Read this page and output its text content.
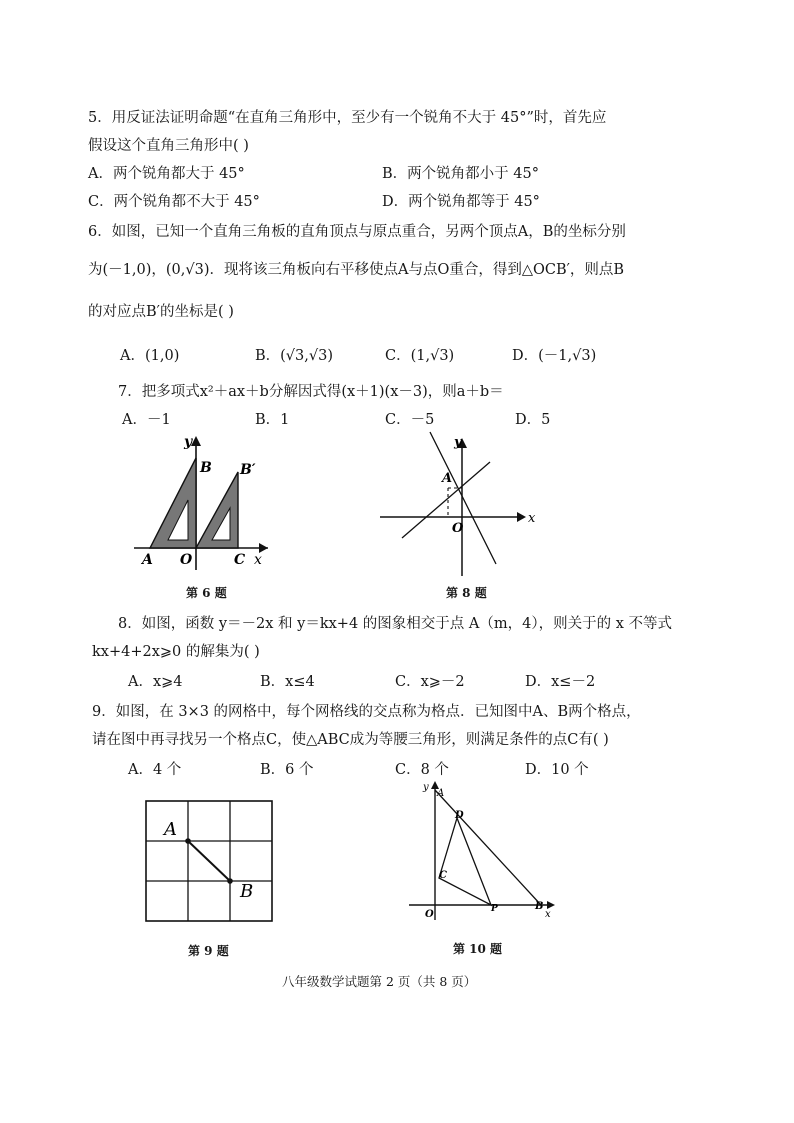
5．用反证法证明命题“在直角三角形中，至少有一个锐角不大于 45°”时，首先应
假设这个直角三角形中( )
A．两个锐角都大于 45°	B．两个锐角都小于 45°
C．两个锐角都不大于 45°	D．两个锐角都等于 45°
6．如图，已知一个直角三角板的直角顶点与原点重合，另两个顶点A，B的坐标分别
为(－1,0)，(0,√3)．现将该三角板向右平移使点A与点O重合，得到△OCB′，则点B
的对应点B′的坐标是( )
A．(1,0)	B．(√3,√3)	C．(1,√3)	D．(－1,√3)
7．把多项式x²＋ax＋b分解因式得(x＋1)(x－3)，则a＋b＝
A．－1	B．1	C．－5	D．5
y
B B′
A O	C x
第 6 题
y
A
O
x
第 8 题
8．如图，函数 y＝－2x 和 y＝kx+4 的图象相交于点 A（m，4），则关于的 x 不等式
kx+4+2x⩾0 的解集为( )
A．x⩾4	B．x≤4	C．x⩾－2	D．x≤－2
9．如图，在 3×3 的网格中，每个网格线的交点称为格点．已知图中A、B两个格点，
请在图中再寻找另一个格点C，使△ABC成为等腰三角形，则满足条件的点C有( )
A．4 个	B．6 个	C．8 个	D．10 个
A
B
第 9 题
y
A
D
C
O	P	B
x
第 10 题
八年级数学试题第 2 页（共 8 页）
